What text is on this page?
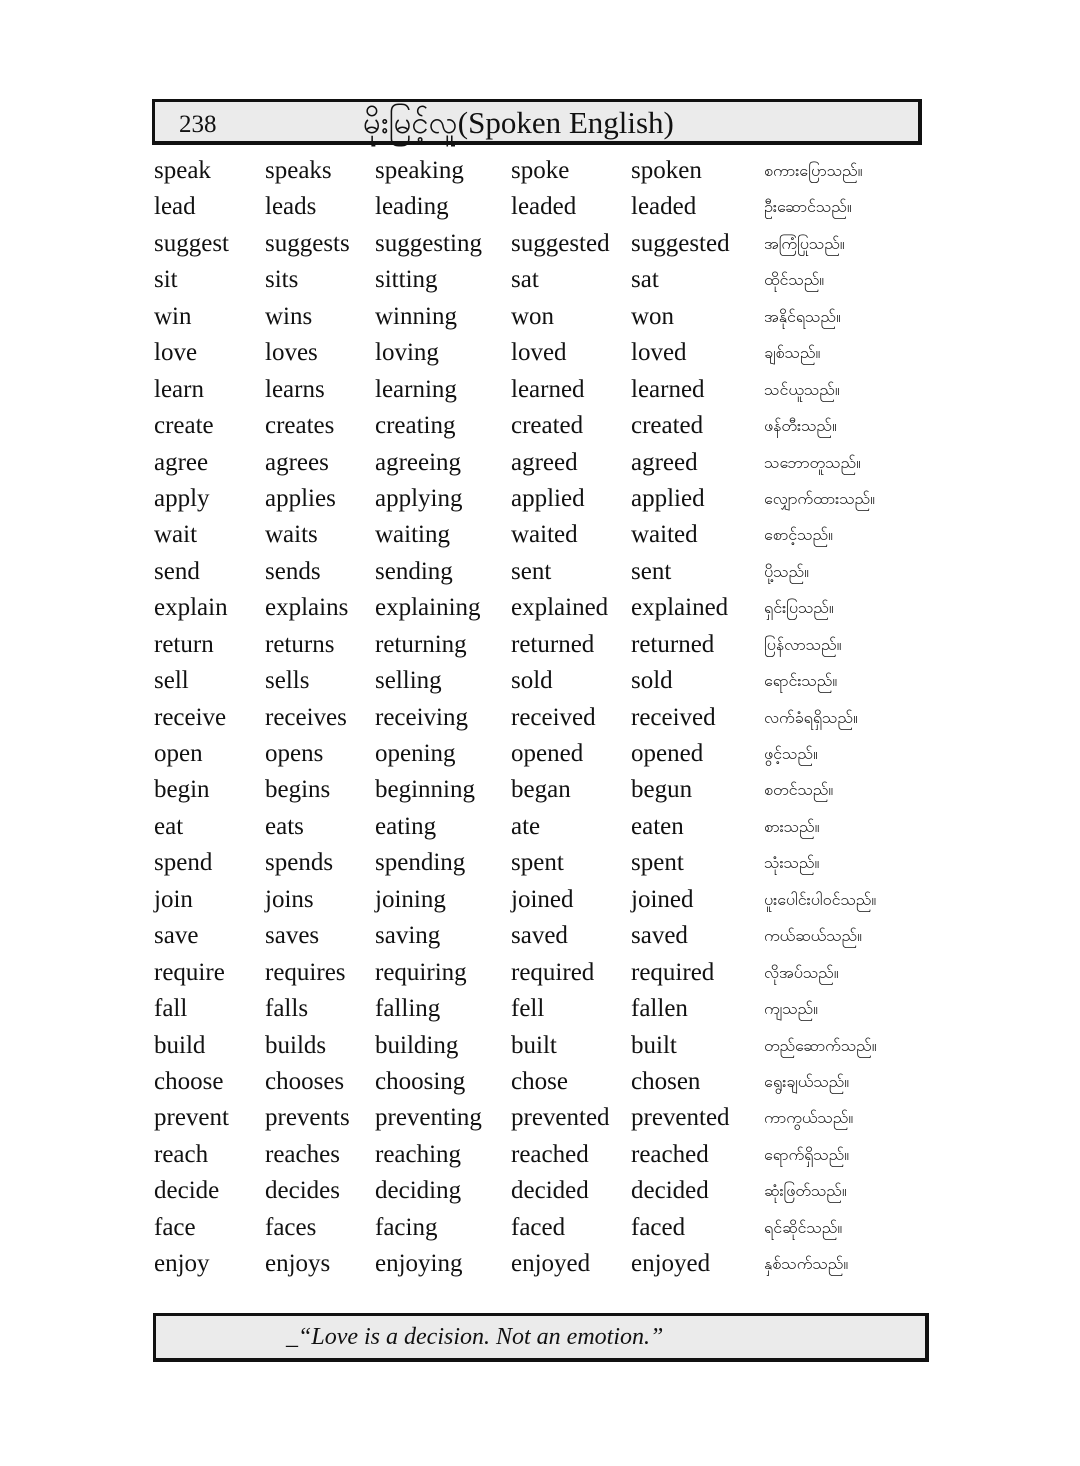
238	မိုးမြင့်လူ(Spoken English)
speak speaks speaking spoke spoken	စကားပြောသည်။
lead	leads leading leaded leaded	ဦးဆောင်သည်။
suggest suggests suggesting suggested suggested အကြံပြုသည်။
sit	sits	sitting	sat	sat	ထိုင်သည်။
win	wins	winning won	won	အနိုင်ရသည်။
love	loves loving	loved	loved	ချစ်သည်။
learn learns learning learned learned	သင်ယူသည်။
create creates creating created created	ဖန်တီးသည်။
agree agrees agreeing agreed agreed	သဘောတူသည်။
apply applies applying applied applied	လျှောက်ထားသည်။
wait	waits waiting waited waited	စောင့်သည်။
send	sends sending sent	sent	ပို့သည်။
explain explains explaining explained explained ရှင်းပြသည်။
return returns returning returned returned	ပြန်လာသည်။
sell	sells	selling	sold	sold	ရောင်းသည်။
receive receives receiving received received	လက်ခံရရှိသည်။
open opens opening opened opened	ဖွင့်သည်။
begin begins beginning began begun	စတင်သည်။
eat	eats	eating	ate	eaten	စားသည်။
spend spends spending spent	spent	သုံးသည်။
join	joins joining	joined joined	ပူးပေါင်းပါဝင်သည်။
save	saves saving	saved	saved	ကယ်ဆယ်သည်။
require requires requiring required required	လိုအပ်သည်။
fall	falls	falling	fell	fallen	ကျသည်။
build builds building built	built	တည်ဆောက်သည်။
choose chooses choosing chose	chosen	ရွေးချယ်သည်။
prevent prevents preventing prevented prevented ကာကွယ်သည်။
reach reaches reaching reached reached	ရောက်ရှိသည်။
decide decides deciding decided decided	ဆုံးဖြတ်သည်။
face	faces facing	faced	faced	ရင်ဆိုင်သည်။
enjoy enjoys enjoying enjoyed enjoyed	နှစ်သက်သည်။
_“Love is a decision. Not an emotion.”
